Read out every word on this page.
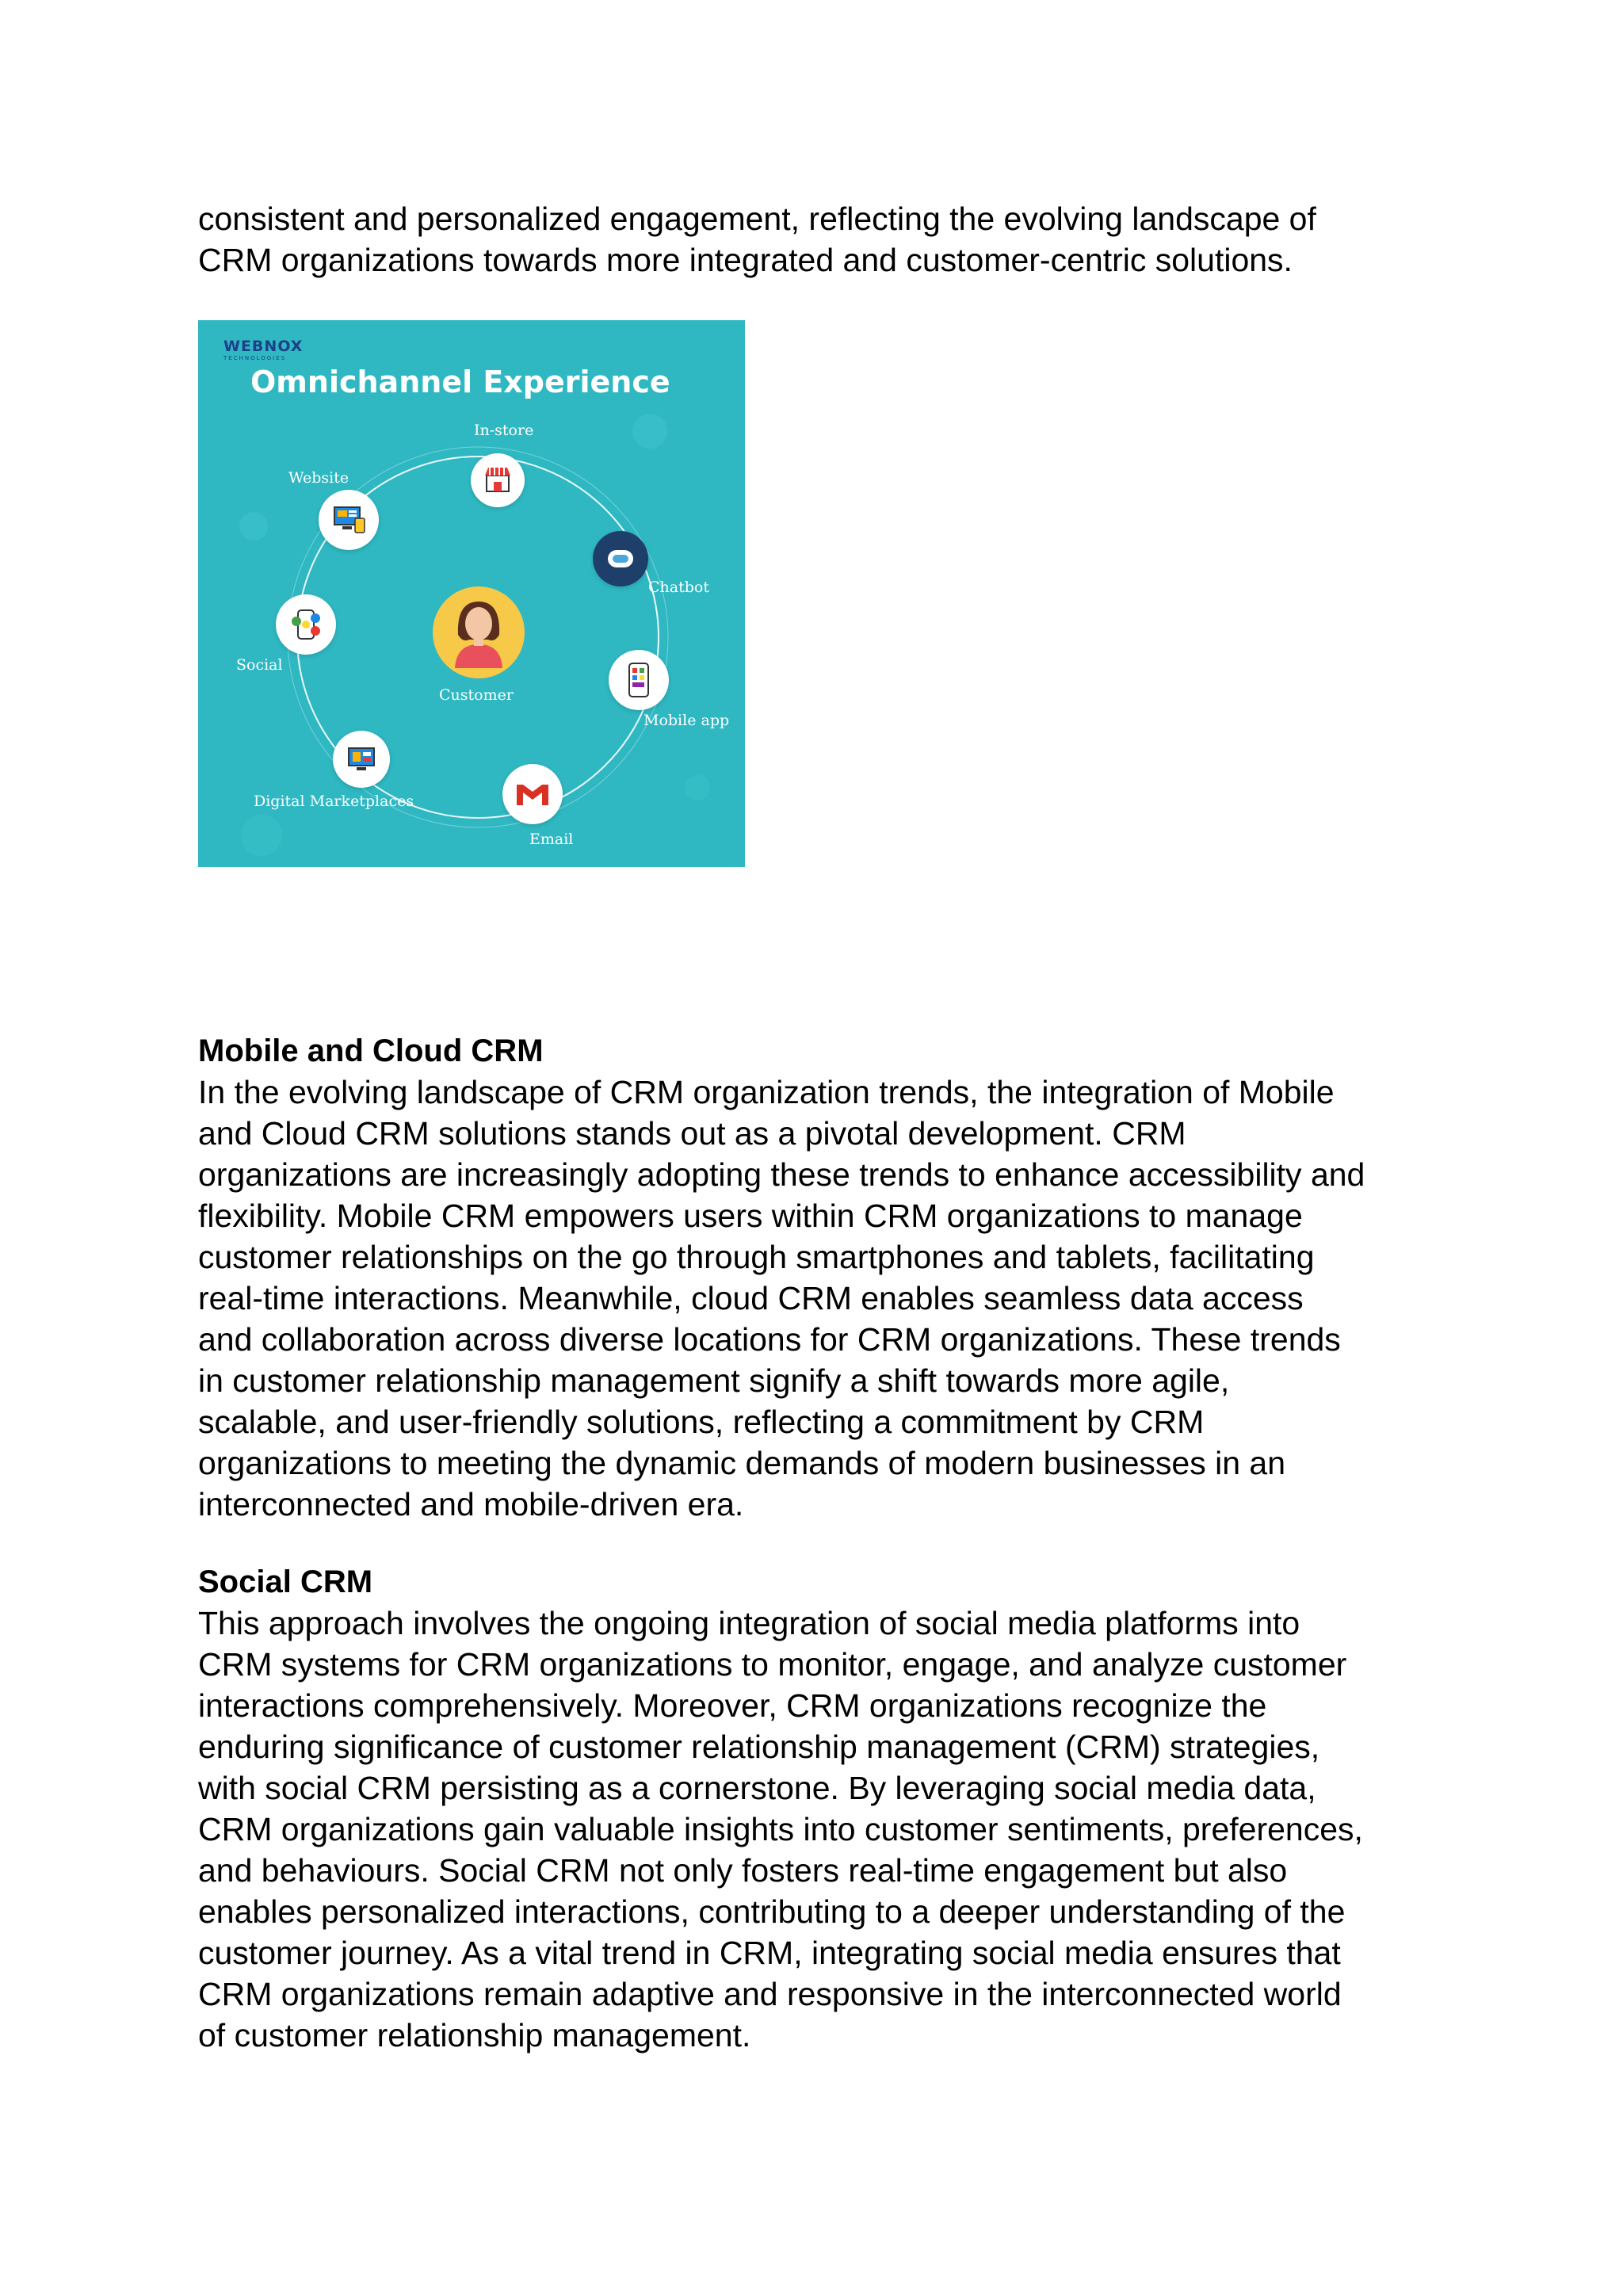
consistent and personalized engagement, reflecting the evolving landscape of
CRM organizations towards more integrated and customer-centric solutions.
WEBNOX
TECHNOLOGIES
Omnichannel Experience
Customer
In-store
Website
Chatbot
Social
Mobile app
Digital Marketplaces
Email
Mobile and Cloud CRM
In the evolving landscape of CRM organization trends, the integration of Mobile
and Cloud CRM solutions stands out as a pivotal development. CRM
organizations are increasingly adopting these trends to enhance accessibility and
flexibility. Mobile CRM empowers users within CRM organizations to manage
customer relationships on the go through smartphones and tablets, facilitating
real-time interactions. Meanwhile, cloud CRM enables seamless data access
and collaboration across diverse locations for CRM organizations. These trends
in customer relationship management signify a shift towards more agile,
scalable, and user-friendly solutions, reflecting a commitment by CRM
organizations to meeting the dynamic demands of modern businesses in an
interconnected and mobile-driven era.
Social CRM
This approach involves the ongoing integration of social media platforms into
CRM systems for CRM organizations to monitor, engage, and analyze customer
interactions comprehensively. Moreover, CRM organizations recognize the
enduring significance of customer relationship management (CRM) strategies,
with social CRM persisting as a cornerstone. By leveraging social media data,
CRM organizations gain valuable insights into customer sentiments, preferences,
and behaviours. Social CRM not only fosters real-time engagement but also
enables personalized interactions, contributing to a deeper understanding of the
customer journey. As a vital trend in CRM, integrating social media ensures that
CRM organizations remain adaptive and responsive in the interconnected world
of customer relationship management.
